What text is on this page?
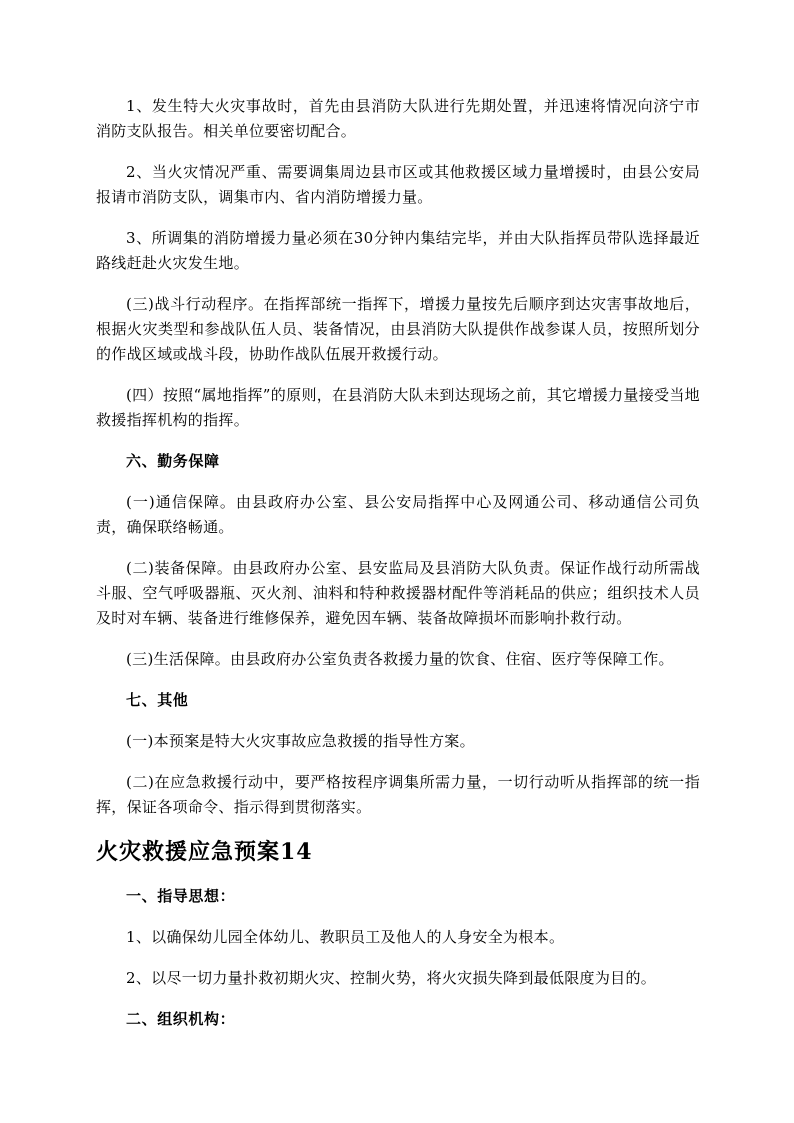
1、发生特大火灾事故时，首先由县消防大队进行先期处置，并迅速将情况向济宁市消防支队报告。相关单位要密切配合。

2、当火灾情况严重、需要调集周边县市区或其他救援区域力量增援时，由县公安局报请市消防支队，调集市内、省内消防增援力量。

3、所调集的消防增援力量必须在30分钟内集结完毕，并由大队指挥员带队选择最近路线赶赴火灾发生地。

(三)战斗行动程序。在指挥部统一指挥下，增援力量按先后顺序到达灾害事故地后，根据火灾类型和参战队伍人员、装备情况，由县消防大队提供作战参谋人员，按照所划分的作战区域或战斗段，协助作战队伍展开救援行动。

(四）按照“属地指挥”的原则，在县消防大队未到达现场之前，其它增援力量接受当地救援指挥机构的指挥。

六、勤务保障

(一)通信保障。由县政府办公室、县公安局指挥中心及网通公司、移动通信公司负责，确保联络畅通。

(二)装备保障。由县政府办公室、县安监局及县消防大队负责。保证作战行动所需战斗服、空气呼吸器瓶、灭火剂、油料和特种救援器材配件等消耗品的供应；组织技术人员及时对车辆、装备进行维修保养，避免因车辆、装备故障损坏而影响扑救行动。

(三)生活保障。由县政府办公室负责各救援力量的饮食、住宿、医疗等保障工作。

七、其他

(一)本预案是特大火灾事故应急救援的指导性方案。

(二)在应急救援行动中，要严格按程序调集所需力量，一切行动听从指挥部的统一指挥，保证各项命令、指示得到贯彻落实。

火灾救援应急预案14

一、指导思想：

1、以确保幼儿园全体幼儿、教职员工及他人的人身安全为根本。

2、以尽一切力量扑救初期火灾、控制火势，将火灾损失降到最低限度为目的。

二、组织机构：
